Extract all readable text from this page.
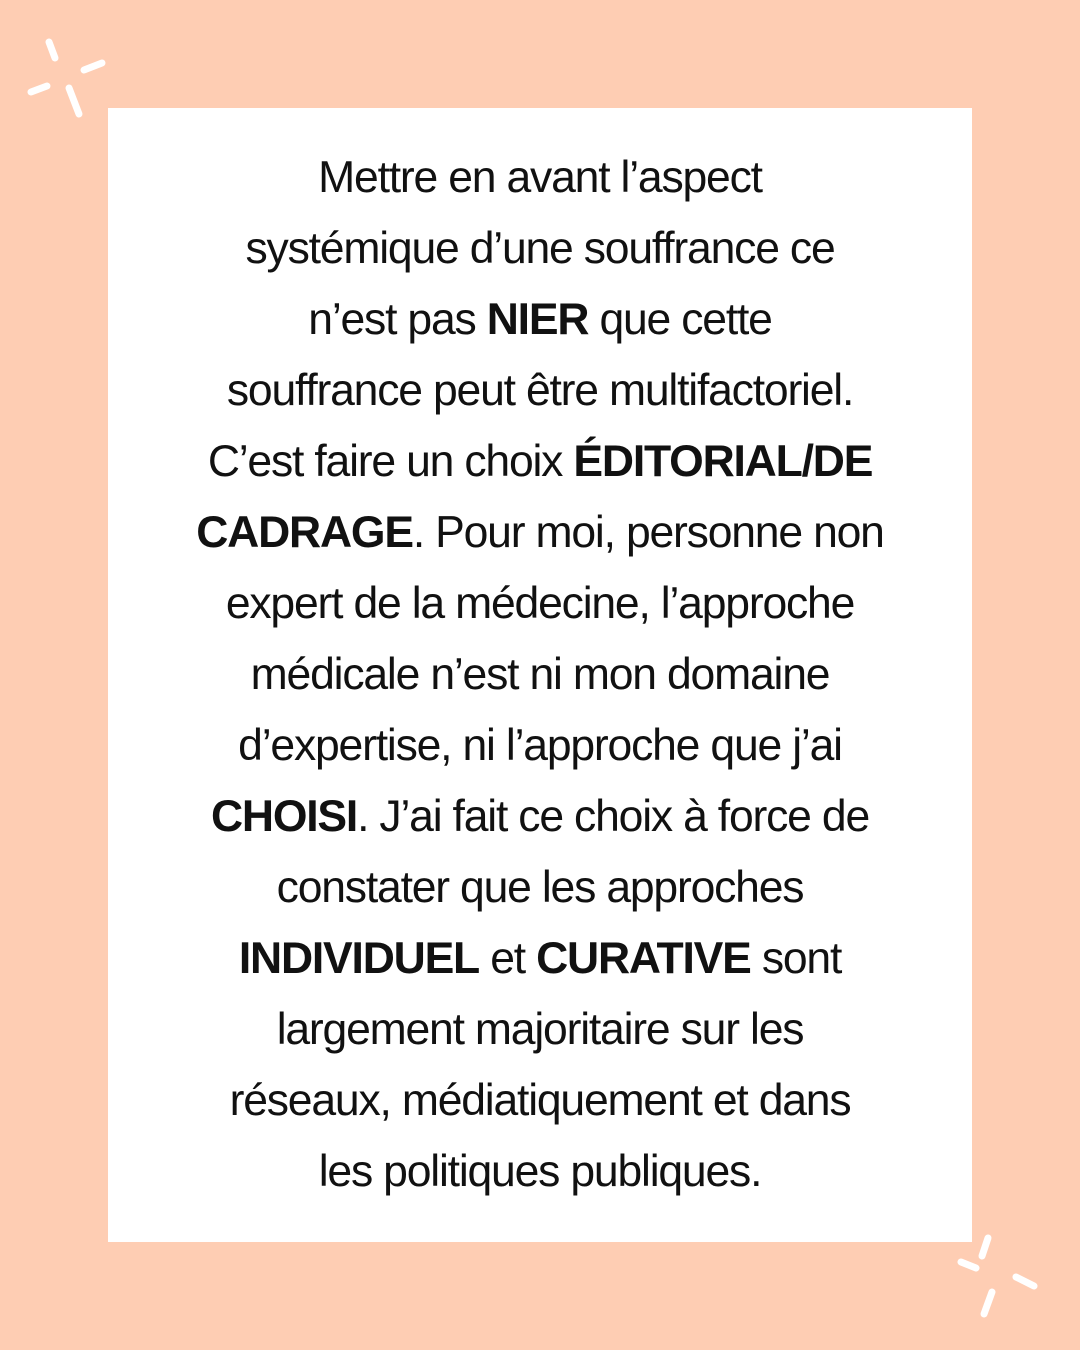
Mettre en avant l’aspect
systémique d’une souffrance ce
n’est pas NIER que cette
souffrance peut être multifactoriel.
C’est faire un choix ÉDITORIAL/DE
CADRAGE. Pour moi, personne non
expert de la médecine, l’approche
médicale n’est ni mon domaine
d’expertise, ni l’approche que j’ai
CHOISI. J’ai fait ce choix à force de
constater que les approches
INDIVIDUEL et CURATIVE sont
largement majoritaire sur les
réseaux, médiatiquement et dans
les politiques publiques.
